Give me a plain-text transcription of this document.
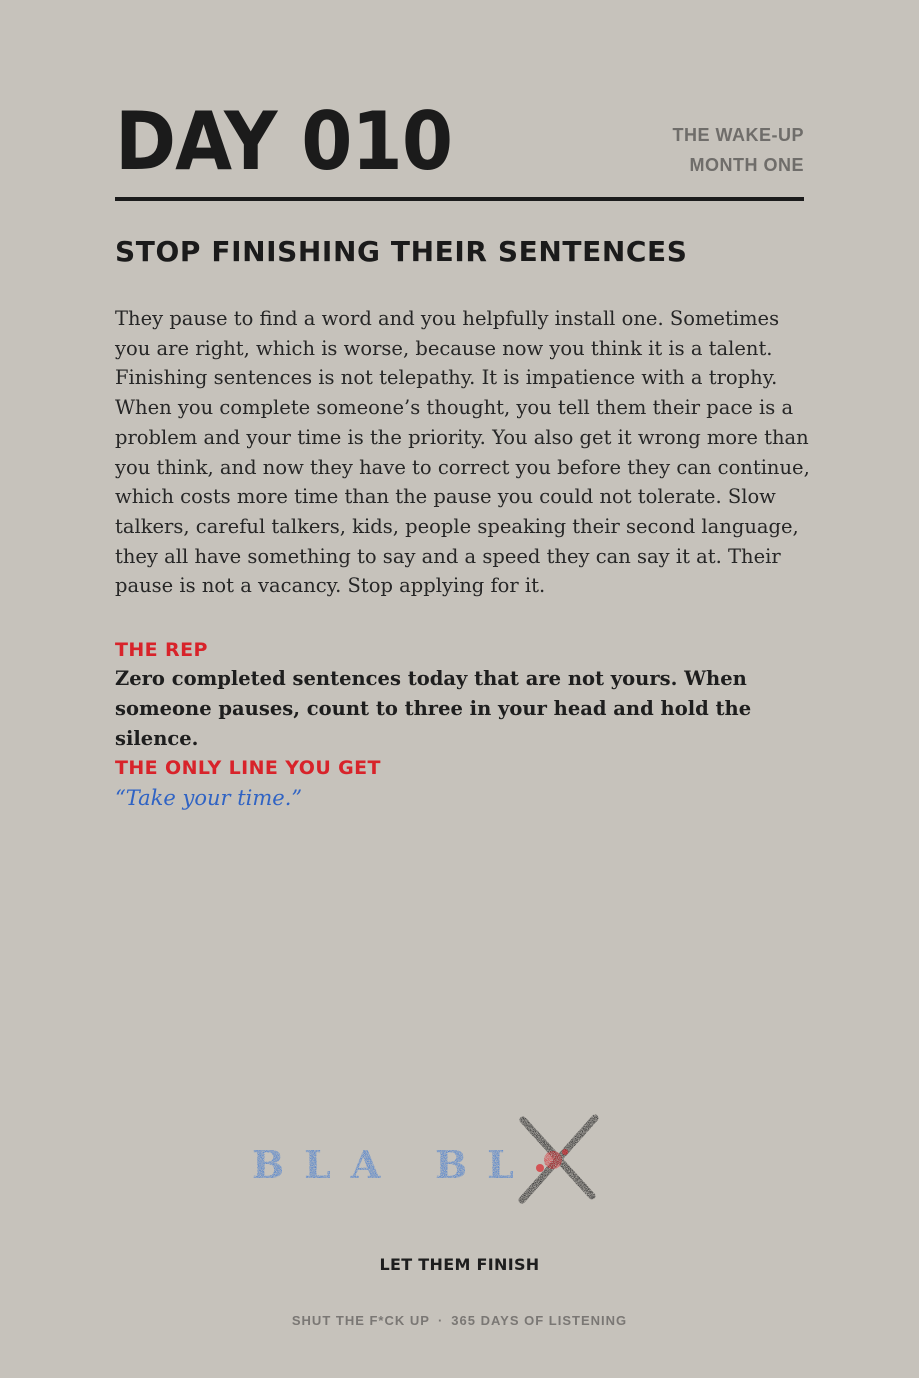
DAY 010	THE WAKE-UP
MONTH ONE
STOP FINISHING THEIR SENTENCES

They pause to find a word and you helpfully install one. Sometimes you are right, which is worse, because now you think it is a talent. Finishing sentences is not telepathy. It is impatience with a trophy. When you complete someone’s thought, you tell them their pace is a problem and your time is the priority. You also get it wrong more than you think, and now they have to correct you before they can continue, which costs more time than the pause you could not tolerate. Slow talkers, careful talkers, kids, people speaking their second language, they all have something to say and a speed they can say it at. Their pause is not a vacancy. Stop applying for it.

THE REP

Zero completed sentences today that are not yours. When someone pauses, count to three in your head and hold the silence.

THE ONLY LINE YOU GET

“Take your time.”

BLA BL
LET THEM FINISH
SHUT THE F*CK UP · 365 DAYS OF LISTENING
